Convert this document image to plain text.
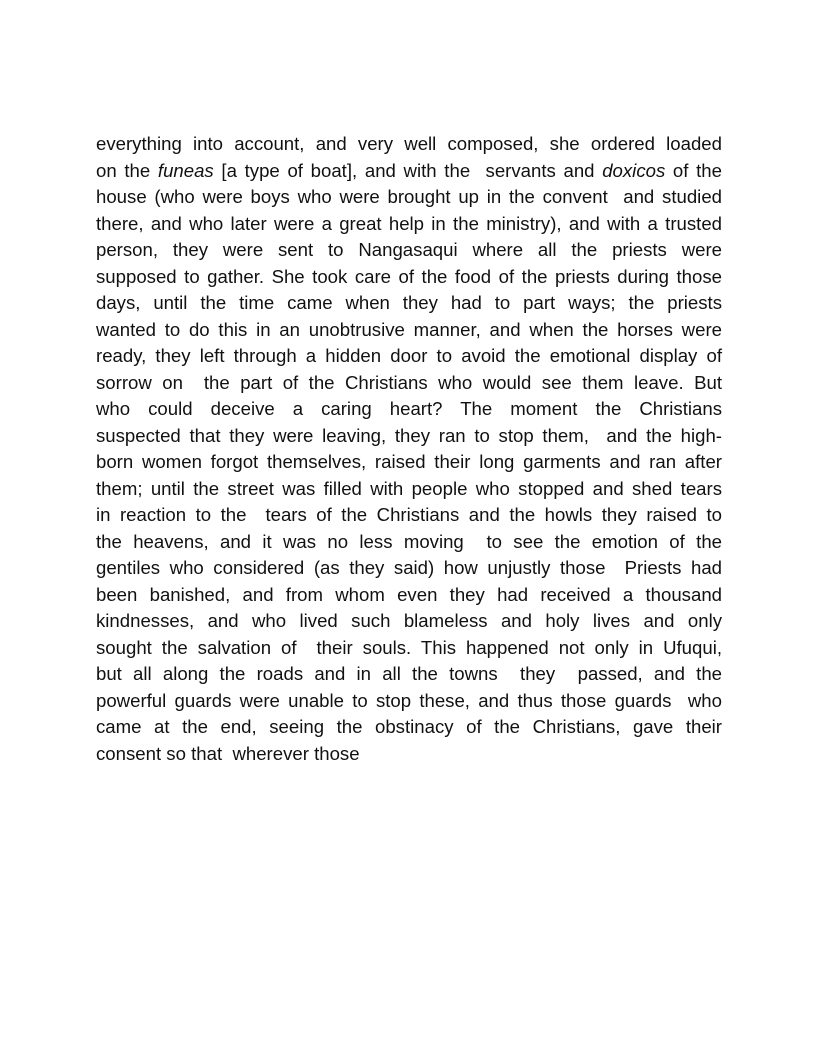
everything into account, and very well composed, she ordered loaded
on the funeas [a type of boat], and with the  servants and doxicos of the
house (who were boys who were brought up in the convent  and studied
there, and who later were a great help in the ministry), and with a trusted
person, they were sent to Nangasaqui where all the priests were
supposed to gather. She took care of the food of the priests during those
days, until the time came when they had to part ways; the priests
wanted to do this in an unobtrusive manner, and when the horses were
ready, they left through a hidden door to avoid the emotional display of
sorrow on  the part of the Christians who would see them leave. But
who could deceive a caring heart? The moment the Christians
suspected that they were leaving, they ran to stop them,  and the high-
born women forgot themselves, raised their long garments and ran after
them; until the street was filled with people who stopped and shed tears
in reaction to the  tears of the Christians and the howls they raised to
the heavens, and it was no less moving  to see the emotion of the
gentiles who considered (as they said) how unjustly those  Priests had
been banished, and from whom even they had received a thousand
kindnesses, and who lived such blameless and holy lives and only
sought the salvation of  their souls. This happened not only in Ufuqui,
but all along the roads and in all the towns  they  passed, and the
powerful guards were unable to stop these, and thus those guards  who
came at the end, seeing the obstinacy of the Christians, gave their
consent so that  wherever those
